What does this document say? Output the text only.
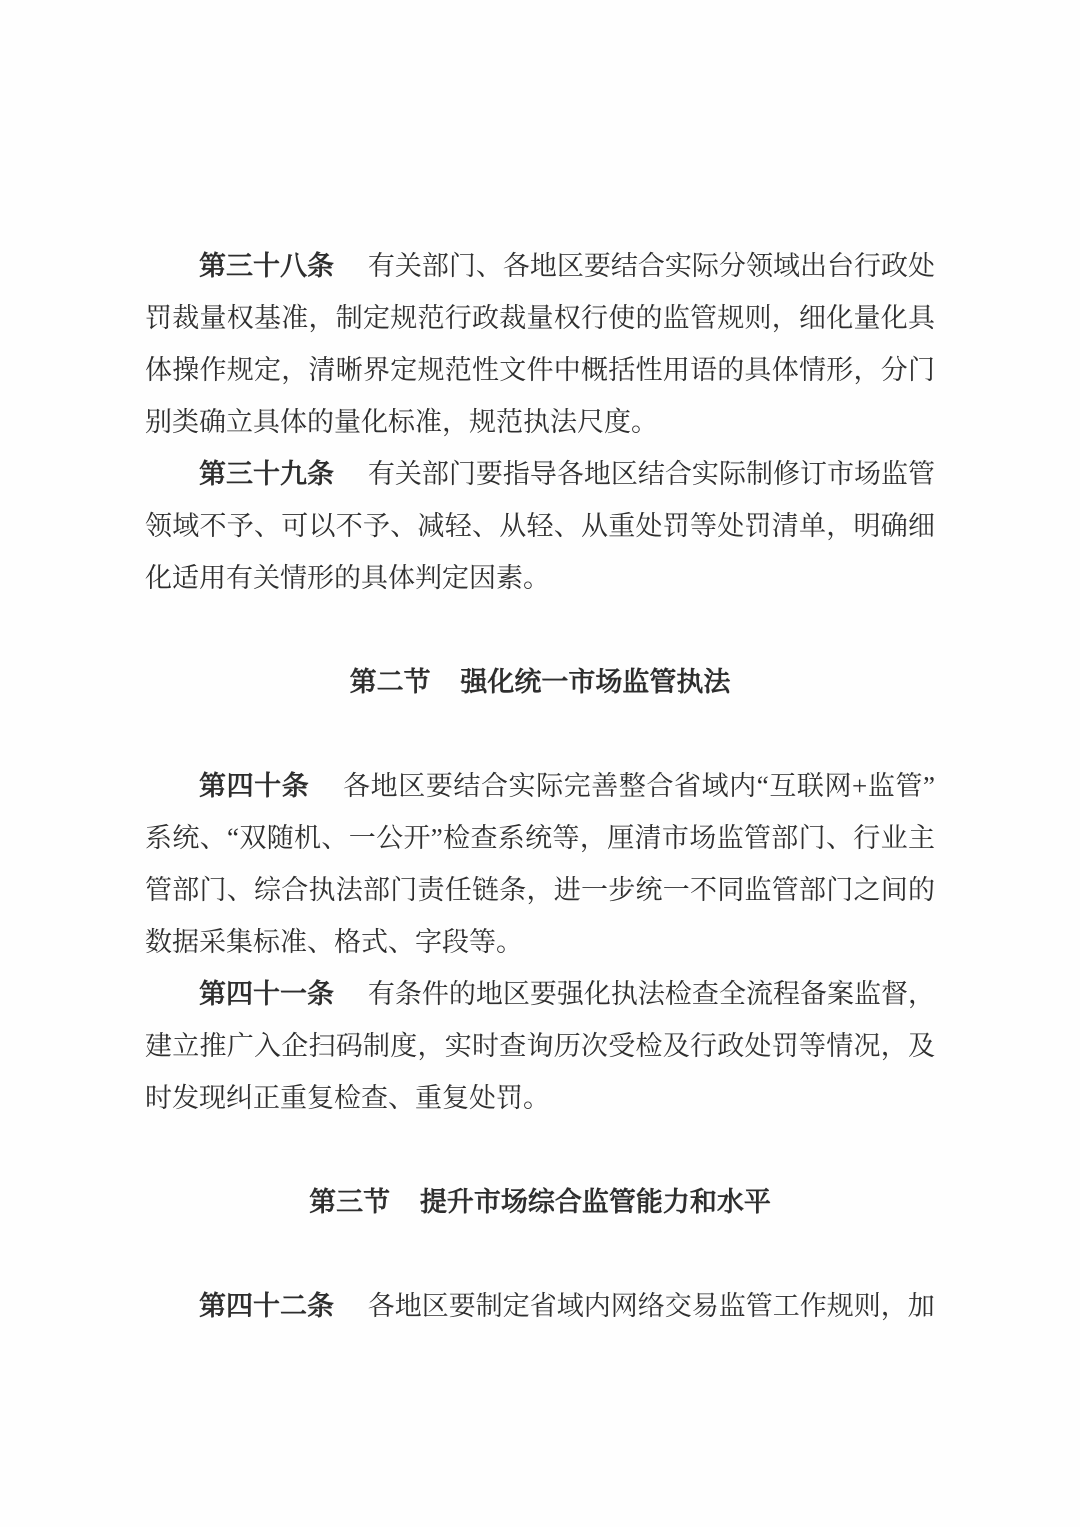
第三十八条 有关部门、各地区要结合实际分领域出台行政处罚裁量权基准，制定规范行政裁量权行使的监管规则，细化量化具体操作规定，清晰界定规范性文件中概括性用语的具体情形，分门别类确立具体的量化标准，规范执法尺度。

第三十九条 有关部门要指导各地区结合实际制修订市场监管领域不予、可以不予、减轻、从轻、从重处罚等处罚清单，明确细化适用有关情形的具体判定因素。

第二节 强化统一市场监管执法

第四十条 各地区要结合实际完善整合省域内“互联网+监管”系统、“双随机、一公开”检查系统等，厘清市场监管部门、行业主管部门、综合执法部门责任链条，进一步统一不同监管部门之间的数据采集标准、格式、字段等。

第四十一条 有条件的地区要强化执法检查全流程备案监督，建立推广入企扫码制度，实时查询历次受检及行政处罚等情况，及时发现纠正重复检查、重复处罚。

第三节 提升市场综合监管能力和水平

第四十二条 各地区要制定省域内网络交易监管工作规则，加
